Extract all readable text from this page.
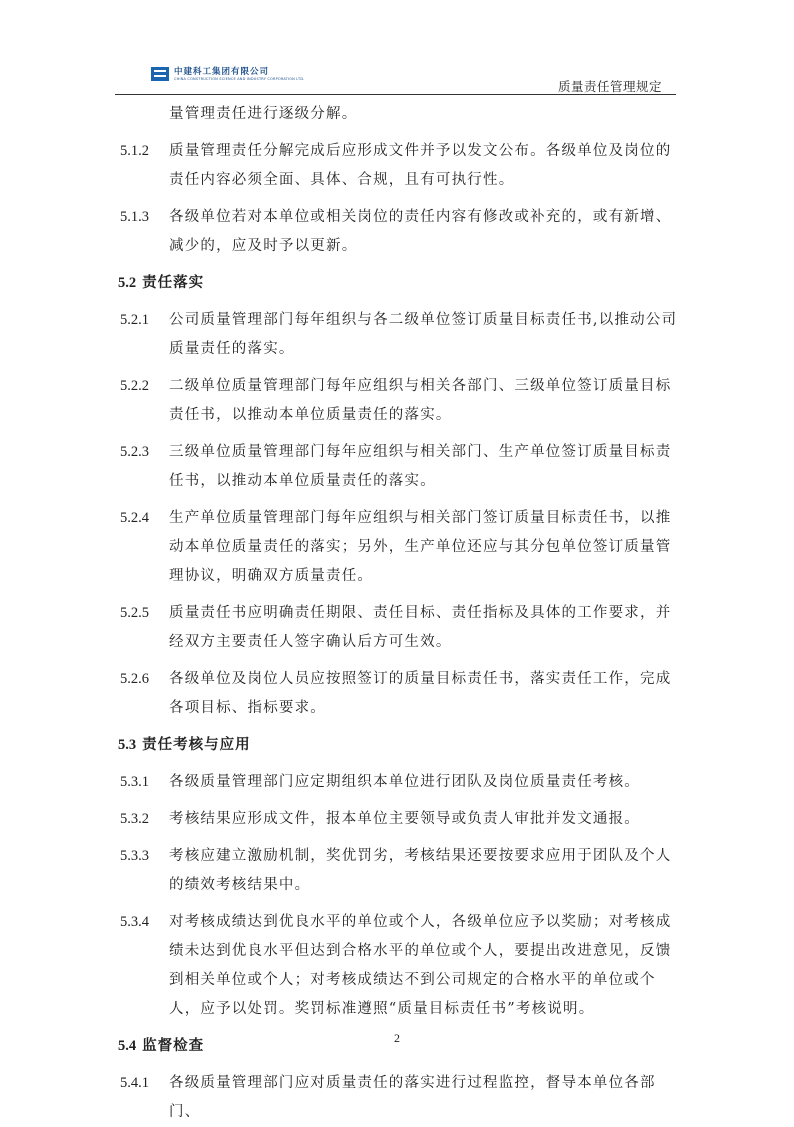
中建科工集团有限公司
CHINA CONSTRUCTION SCIENCE AND INDUSTRY CORPORATION LTD.	质量责任管理规定
量管理责任进行逐级分解。
5.1.2 质量管理责任分解完成后应形成文件并予以发文公布。各级单位及岗位的责任内容必须全面、具体、合规，且有可执行性。
5.1.3 各级单位若对本单位或相关岗位的责任内容有修改或补充的，或有新增、减少的，应及时予以更新。
5.2 责任落实
5.2.1 公司质量管理部门每年组织与各二级单位签订质量目标责任书,以推动公司质量责任的落实。
5.2.2 二级单位质量管理部门每年应组织与相关各部门、三级单位签订质量目标责任书，以推动本单位质量责任的落实。
5.2.3 三级单位质量管理部门每年应组织与相关部门、生产单位签订质量目标责任书，以推动本单位质量责任的落实。
5.2.4 生产单位质量管理部门每年应组织与相关部门签订质量目标责任书，以推动本单位质量责任的落实；另外，生产单位还应与其分包单位签订质量管理协议，明确双方质量责任。
5.2.5 质量责任书应明确责任期限、责任目标、责任指标及具体的工作要求，并经双方主要责任人签字确认后方可生效。
5.2.6 各级单位及岗位人员应按照签订的质量目标责任书，落实责任工作，完成各项目标、指标要求。
5.3 责任考核与应用
5.3.1 各级质量管理部门应定期组织本单位进行团队及岗位质量责任考核。
5.3.2 考核结果应形成文件，报本单位主要领导或负责人审批并发文通报。
5.3.3 考核应建立激励机制，奖优罚劣，考核结果还要按要求应用于团队及个人的绩效考核结果中。
5.3.4 对考核成绩达到优良水平的单位或个人，各级单位应予以奖励；对考核成绩未达到优良水平但达到合格水平的单位或个人，要提出改进意见，反馈到相关单位或个人；对考核成绩达不到公司规定的合格水平的单位或个人，应予以处罚。奖罚标准遵照“质量目标责任书”考核说明。
5.4 监督检查
5.4.1 各级质量管理部门应对质量责任的落实进行过程监控，督导本单位各部门、
2
